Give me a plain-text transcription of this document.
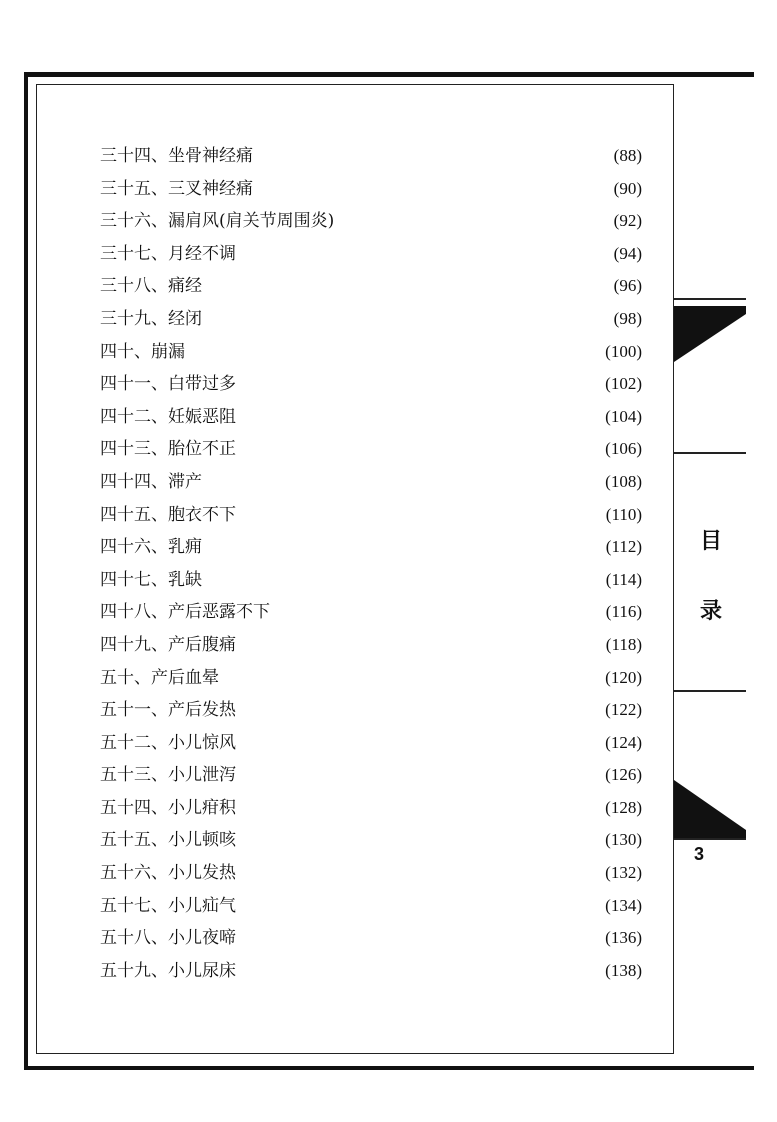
三十四、坐骨神经痛	(88)
三十五、三叉神经痛	(90)
三十六、漏肩风(肩关节周围炎)	(92)
三十七、月经不调	(94)
三十八、痛经	(96)
三十九、经闭	(98)
四十、崩漏	(100)
四十一、白带过多	(102)
四十二、妊娠恶阻	(104)
四十三、胎位不正	(106)
四十四、滞产	(108)
四十五、胞衣不下	(110)
四十六、乳痈	(112)
四十七、乳缺	(114)
四十八、产后恶露不下	(116)
四十九、产后腹痛	(118)
五十、产后血晕	(120)
五十一、产后发热	(122)
五十二、小儿惊风	(124)
五十三、小儿泄泻	(126)
五十四、小儿疳积	(128)
五十五、小儿顿咳	(130)
五十六、小儿发热	(132)
五十七、小儿疝气	(134)
五十八、小儿夜啼	(136)
五十九、小儿尿床	(138)
目
录
3
